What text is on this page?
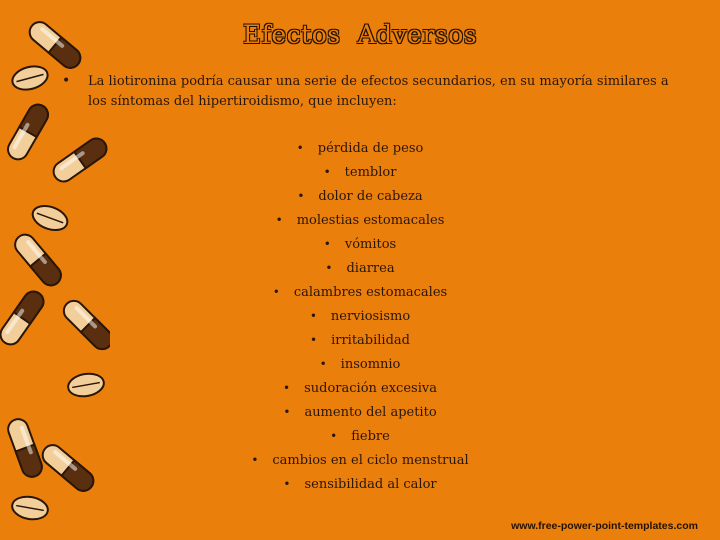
Efectos  Adversos
• La liotironina podría causar una serie de efectos secundarios, en su mayoría similares a los síntomas del hipertiroidismo, que incluyen:
• pérdida de peso
• temblor
• dolor de cabeza
• molestias estomacales
• vómitos
• diarrea
• calambres estomacales
• nerviosismo
• irritabilidad
• insomnio
• sudoración excesiva
• aumento del apetito
• fiebre
• cambios en el ciclo menstrual
• sensibilidad al calor
www.free-power-point-templates.com
